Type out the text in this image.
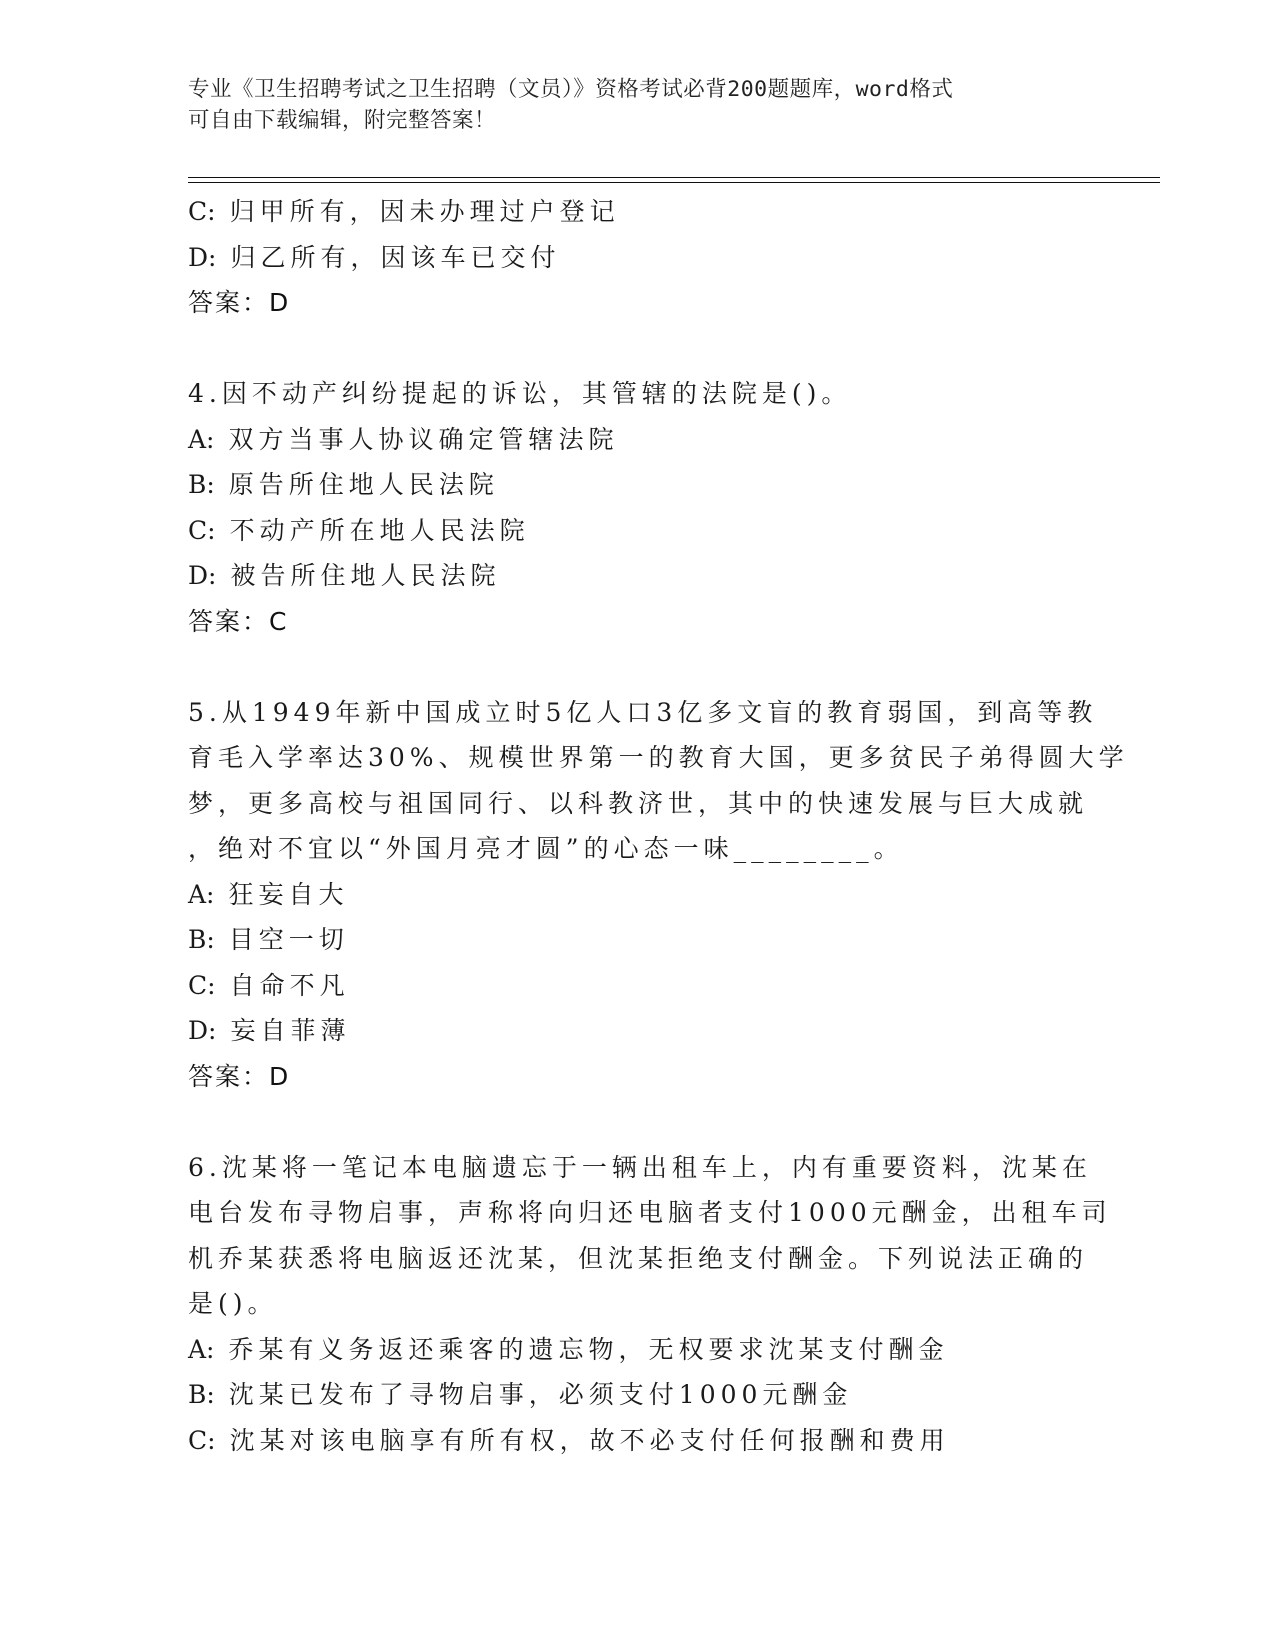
专业《卫生招聘考试之卫生招聘（文员）》资格考试必背200题题库，word格式
可自由下载编辑，附完整答案！
C: 归甲所有，因未办理过户登记
D: 归乙所有，因该车已交付
答案：D
4.因不动产纠纷提起的诉讼，其管辖的法院是()。
A: 双方当事人协议确定管辖法院
B: 原告所住地人民法院
C: 不动产所在地人民法院
D: 被告所住地人民法院
答案：C
5.从1949年新中国成立时5亿人口3亿多文盲的教育弱国，到高等教
育毛入学率达30%、规模世界第一的教育大国，更多贫民子弟得圆大学
梦，更多高校与祖国同行、以科教济世，其中的快速发展与巨大成就
，绝对不宜以“外国月亮才圆”的心态一味________。
A: 狂妄自大
B: 目空一切
C: 自命不凡
D: 妄自菲薄
答案：D
6.沈某将一笔记本电脑遗忘于一辆出租车上，内有重要资料，沈某在
电台发布寻物启事，声称将向归还电脑者支付1000元酬金，出租车司
机乔某获悉将电脑返还沈某，但沈某拒绝支付酬金。下列说法正确的
是()。
A: 乔某有义务返还乘客的遗忘物，无权要求沈某支付酬金
B: 沈某已发布了寻物启事，必须支付1000元酬金
C: 沈某对该电脑享有所有权，故不必支付任何报酬和费用
